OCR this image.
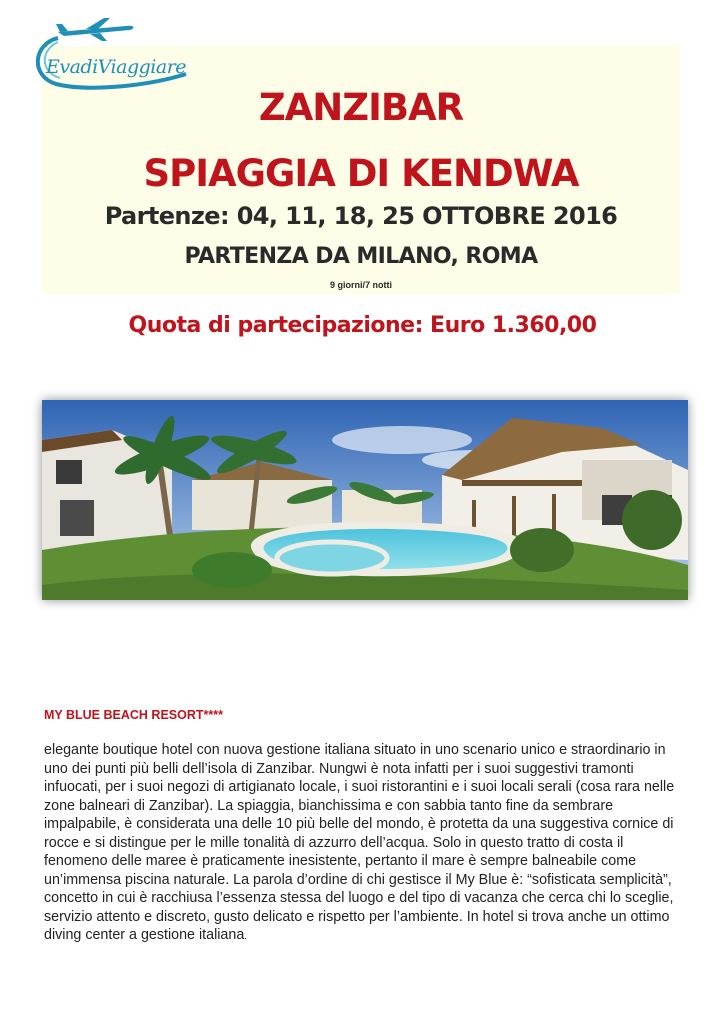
EvadiViaggiare
ZANZIBAR
SPIAGGIA DI KENDWA
Partenze: 04, 11, 18, 25 OTTOBRE 2016
PARTENZA DA MILANO, ROMA
9 giorni/7 notti
Quota di partecipazione: Euro 1.360,00
MY BLUE BEACH RESORT****
elegante boutique hotel con nuova gestione italiana situato in uno scenario unico e straordinario in uno dei punti più belli dell’isola di Zanzibar. Nungwi è nota infatti per i suoi suggestivi tramonti infuocati, per i suoi negozi di artigianato locale, i suoi ristorantini e i suoi locali serali (cosa rara nelle zone balneari di Zanzibar). La spiaggia, bianchissima e con sabbia tanto fine da sembrare impalpabile, è considerata una delle 10 più belle del mondo, è protetta da una suggestiva cornice di rocce e si distingue per le mille tonalità di azzurro dell’acqua. Solo in questo tratto di costa il fenomeno delle maree è praticamente inesistente, pertanto il mare è sempre balneabile come un’immensa piscina naturale. La parola d’ordine di chi gestisce il My Blue è: “sofisticata semplicità”, concetto in cui è racchiusa l’essenza stessa del luogo e del tipo di vacanza che cerca chi lo sceglie, servizio attento e discreto, gusto delicato e rispetto per l’ambiente. In hotel si trova anche un ottimo diving center a gestione italiana.
